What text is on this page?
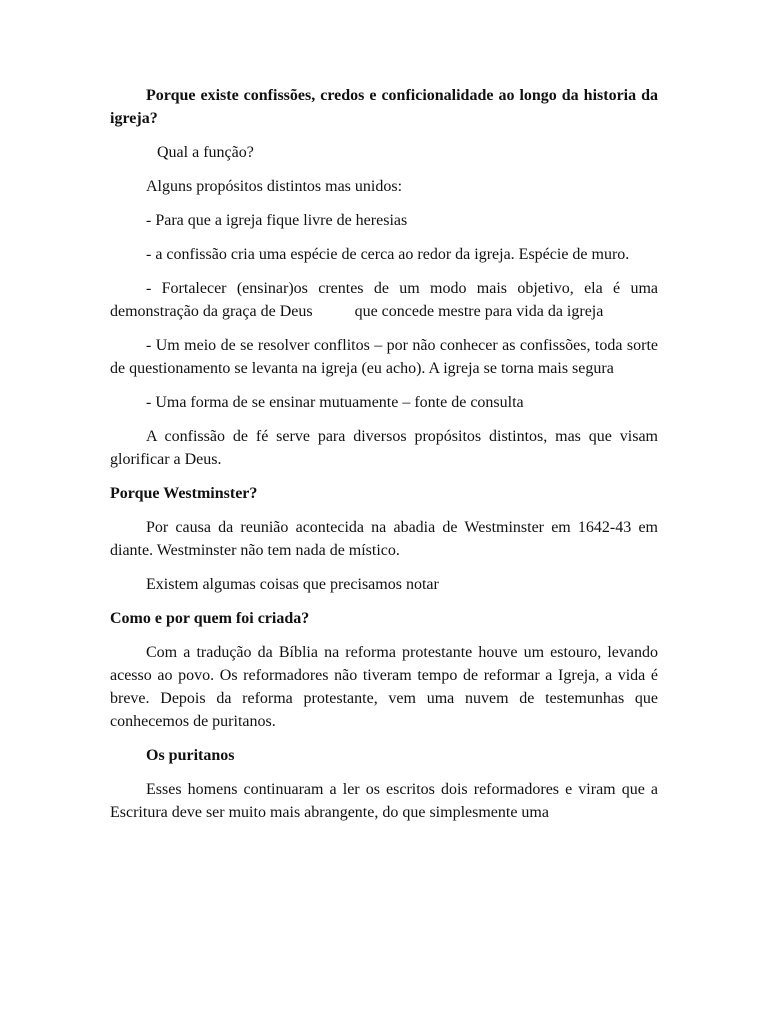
Porque existe confissões, credos e conficionalidade ao longo da historia da igreja?

Qual a função?

Alguns propósitos distintos mas unidos:

- Para que a igreja fique livre de heresias

- a confissão cria uma espécie de cerca ao redor da igreja. Espécie de muro.

- Fortalecer (ensinar)os crentes de um modo mais objetivo, ela é uma demonstração da graça de Deus	que concede mestre para vida da igreja

- Um meio de se resolver conflitos – por não conhecer as confissões, toda sorte de questionamento se levanta na igreja (eu acho). A igreja se torna mais segura

- Uma forma de se ensinar mutuamente – fonte de consulta

A confissão de fé serve para diversos propósitos distintos, mas que visam glorificar a Deus.

Porque Westminster?

Por causa da reunião acontecida na abadia de Westminster em 1642-43 em diante. Westminster não tem nada de místico.

Existem algumas coisas que precisamos notar

Como e por quem foi criada?

Com a tradução da Bíblia na reforma protestante houve um estouro, levando acesso ao povo. Os reformadores não tiveram tempo de reformar a Igreja, a vida é breve. Depois da reforma protestante, vem uma nuvem de testemunhas que conhecemos de puritanos.

Os puritanos

Esses homens continuaram a ler os escritos dois reformadores e viram que a Escritura deve ser muito mais abrangente, do que simplesmente uma
